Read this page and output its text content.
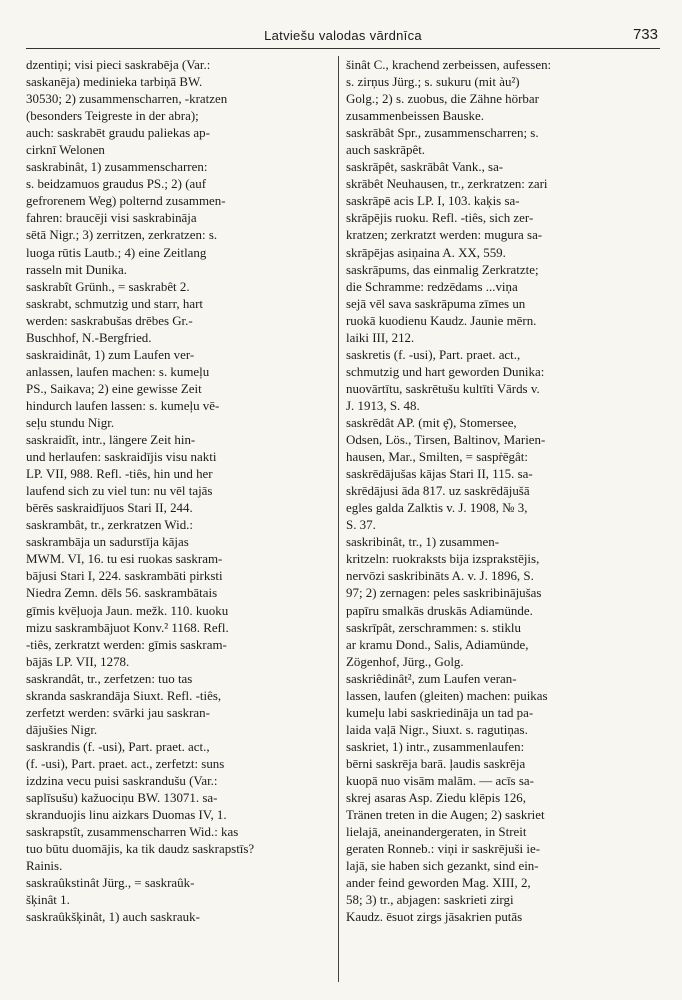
Latviešu valodas vārdnīca	733
dzentiņi; visi pieci saskrabēja (Var.:
saskanēja) medinieka tarbiņā BW.
30530; 2) zusammenscharren, -kratzen
(besonders Teigreste in der abra);
auch: saskrabēt graudu paliekas ap-
cirknī Welonen
saskrabinât, 1) zusammenscharren:
s. beidzamuos graudus PS.; 2) (auf
gefrorenem Weg) polternd zusammen-
fahren: braucēji visi saskrabināja
sētā Nigr.; 3) zerritzen, zerkratzen: s.
luoga rūtis Lautb.; 4) eine Zeitlang
rasseln mit Dunika.
saskrabît Grünh., = saskrabêt 2.
saskrabt, schmutzig und starr, hart
werden: saskrabušas drēbes Gr.-
Buschhof, N.-Bergfried.
saskraidinât, 1) zum Laufen ver-
anlassen, laufen machen: s. kumeļu
PS., Saikava; 2) eine gewisse Zeit
hindurch laufen lassen: s. kumeļu vē-
seļu stundu Nigr.
saskraidît, intr., längere Zeit hin-
und herlaufen: saskraidījis visu nakti
LP. VII, 988. Refl. -tiês, hin und her
laufend sich zu viel tun: nu vēl tajās
bērēs saskraidījuos Stari II, 244.
saskrambât, tr., zerkratzen Wid.:
saskrambāja un sadurstīja kājas
MWM. VI, 16. tu esi ruokas saskram-
bājusi Stari I, 224. saskrambāti pirksti
Niedra Zemn. dēls 56. saskrambātais
gīmis kvēļuoja Jaun. mežk. 110. kuoku
mizu saskrambājuot Konv.² 1168. Refl.
-tiês, zerkratzt werden: gīmis saskram-
bājās LP. VII, 1278.
saskrandât, tr., zerfetzen: tuo tas
skranda saskrandāja Siuxt. Refl. -tiês,
zerfetzt werden: svārki jau saskran-
dājušies Nigr.
saskrandis (f. -usi), Part. praet. act.,
(f. -usi), Part. praet. act., zerfetzt: suns
izdzina vecu puisi saskrandušu (Var.:
saplīsušu) kažuociņu BW. 13071. sa-
skranduojis linu aizkars Duomas IV, 1.
saskrapstît, zusammenscharren Wid.: kas
tuo būtu duomājis, ka tik daudz saskrapstīs?
Rainis.
saskraûkstinât Jürg., = saskraûk-
šķinât 1.
saskraûkšķinât, 1) auch saskrauk-
šinât C., krachend zerbeissen, aufessen:
s. zirņus Jürg.; s. sukuru (mit àu²)
Golg.; 2) s. zuobus, die Zähne hörbar
zusammenbeissen Bauske.
saskrābât Spr., zusammenscharren; s.
auch saskrāpêt.
saskrāpêt, saskrābât Vank., sa-
skrābêt Neuhausen, tr., zerkratzen: zari
saskrāpē acis LP. I, 103. kaķis sa-
skrāpējis ruoku. Refl. -tiês, sich zer-
kratzen; zerkratzt werden: mugura sa-
skrāpējas asiņaina A. XX, 559.
saskrāpums, das einmalig Zerkratzte;
die Schramme: redzēdams ...viņa
sejā vēl sava saskrāpuma zīmes un
ruokā kuodienu Kaudz. Jaunie mērn.
laiki III, 212.
saskretis (f. -usi), Part. praet. act.,
schmutzig und hart geworden Dunika:
nuovārtītu, saskrētušu kultīti Vārds v.
J. 1913, S. 48.
saskrēdât AP. (mit ȩ̄), Stomersee,
Odsen, Lös., Tirsen, Baltinov, Marien-
hausen, Mar., Smilten, = saspṙēgât:
saskrēdājušas kājas Stari II, 115. sa-
skrēdājusi āda 817. uz saskrēdājušā
egles galda Zalktis v. J. 1908, № 3,
S. 37.
saskribinât, tr., 1) zusammen-
kritzeln: ruokraksts bija izsprakstējis,
nervōzi saskribināts A. v. J. 1896, S.
97; 2) zernagen: peles saskribinājušas
papīru smalkās druskās Adiamünde.
saskrīpât, zerschrammen: s. stiklu
ar kramu Dond., Salis, Adiamünde,
Zögenhof, Jürg., Golg.
saskriêdinât², zum Laufen veran-
lassen, laufen (gleiten) machen: puikas
kumeļu labi saskriedināja un tad pa-
laida vaļā Nigr., Siuxt. s. ragutiņas.
saskriet, 1) intr., zusammenlaufen:
bērni saskrēja barā. ļaudis saskrēja
kuopā nuo visām malām. — acīs sa-
skrej asaras Asp. Ziedu klēpis 126,
Tränen treten in die Augen; 2) saskriet
lielajā, aneinandergeraten, in Streit
geraten Ronneb.: viņi ir saskrējuši ie-
lajā, sie haben sich gezankt, sind ein-
ander feind geworden Mag. XIII, 2,
58; 3) tr., abjagen: saskrieti zirgi
Kaudz. ēsuot zirgs jāsakrien putās
